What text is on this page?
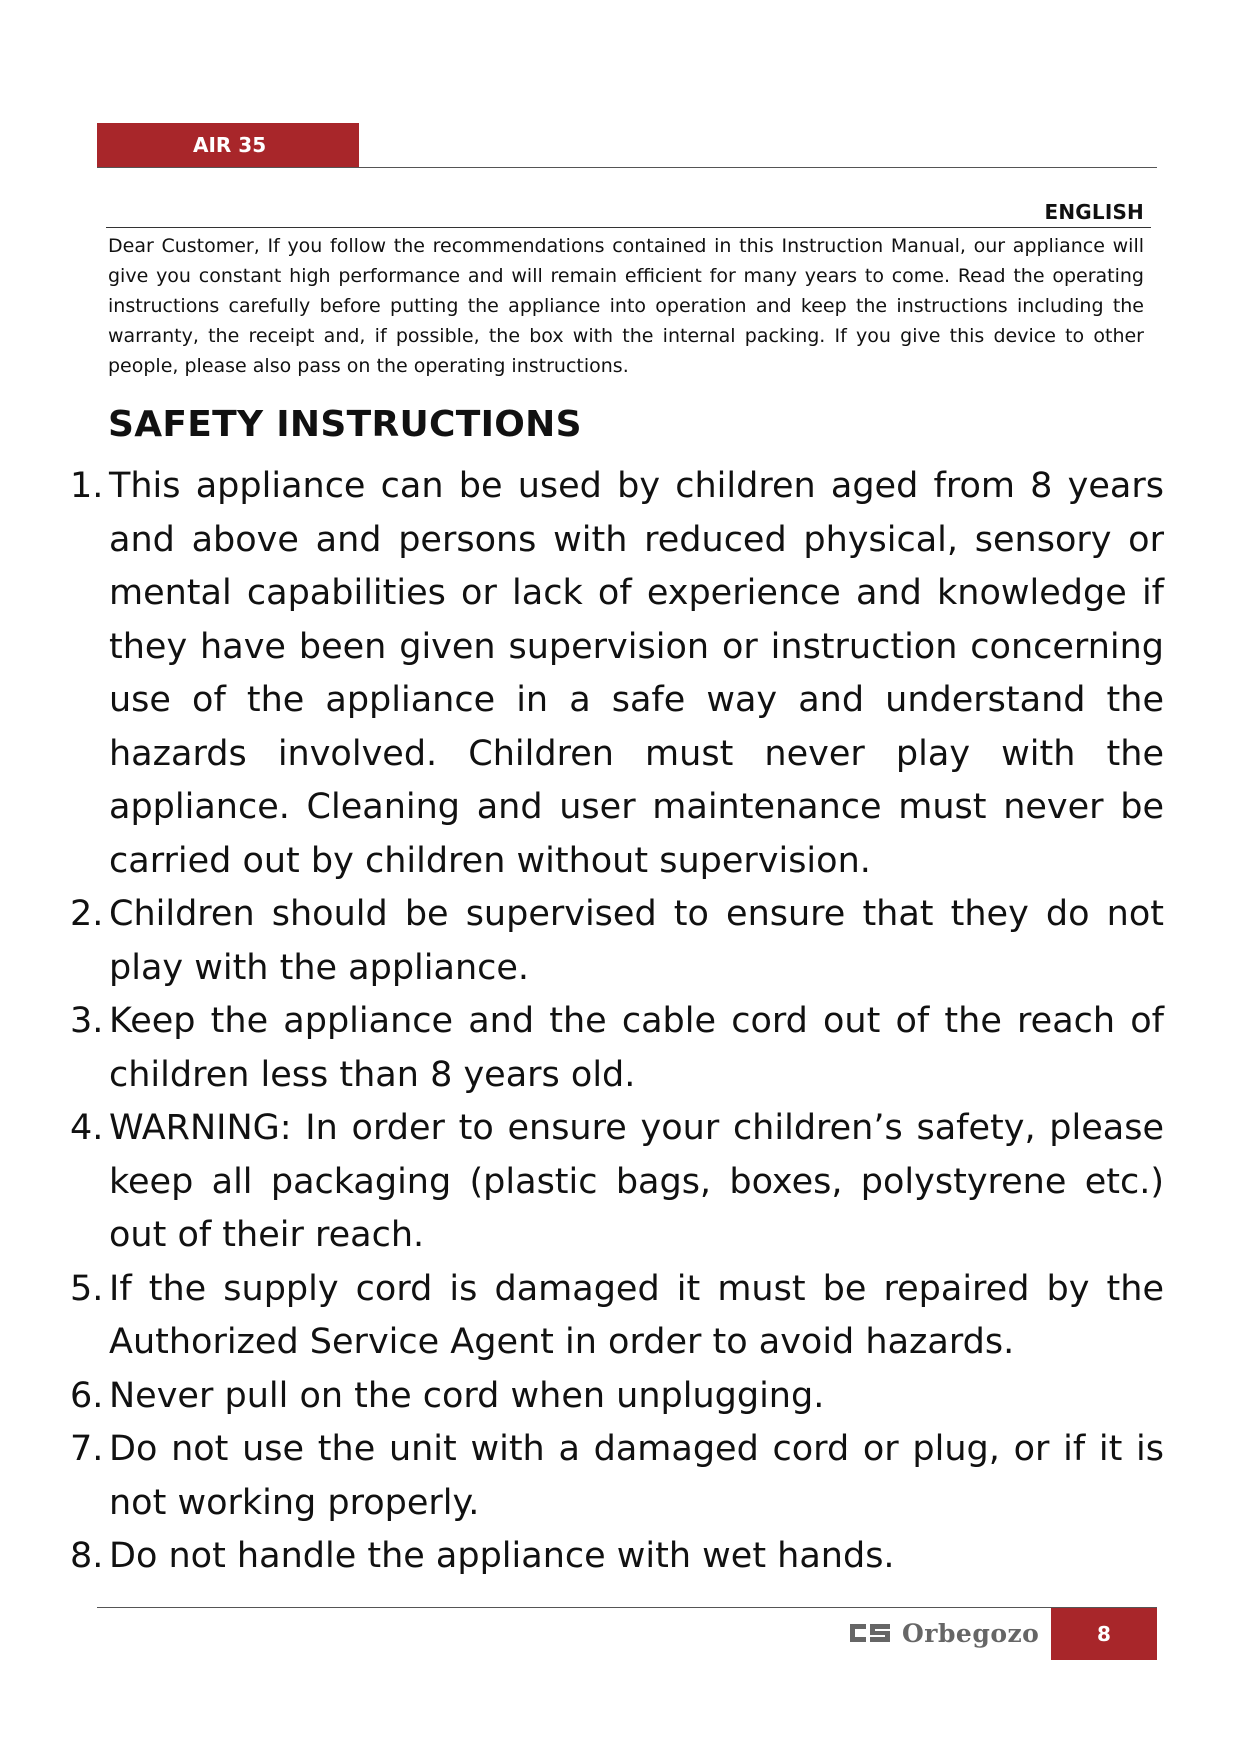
AIR 35
ENGLISH

Dear Customer, If you follow the recommendations contained in this Instruction Manual, our appliance will give you constant high performance and will remain efficient for many years to come. Read the operating instructions carefully before putting the appliance into operation and keep the instructions including the warranty, the receipt and, if possible, the box with the internal packing. If you give this device to other people, please also pass on the operating instructions.

SAFETY INSTRUCTIONS
1. This appliance can be used by children aged from 8 years and above and persons with reduced physical, sensory or mental capabilities or lack of experience and knowledge if they have been given supervision or instruction concerning use of the appliance in a safe way and understand the hazards involved. Children must never play with the appliance. Cleaning and user maintenance must never be carried out by children without supervision.
2. Children should be supervised to ensure that they do not play with the appliance.
3. Keep the appliance and the cable cord out of the reach of children less than 8 years old.
4. WARNING: In order to ensure your children’s safety, please keep all packaging (plastic bags, boxes, polystyrene etc.) out of their reach.
5. If the supply cord is damaged it must be repaired by the Authorized Service Agent in order to avoid hazards.
6. Never pull on the cord when unplugging.
7. Do not use the unit with a damaged cord or plug, or if it is not working properly.
8. Do not handle the appliance with wet hands.
Orbegozo	8
